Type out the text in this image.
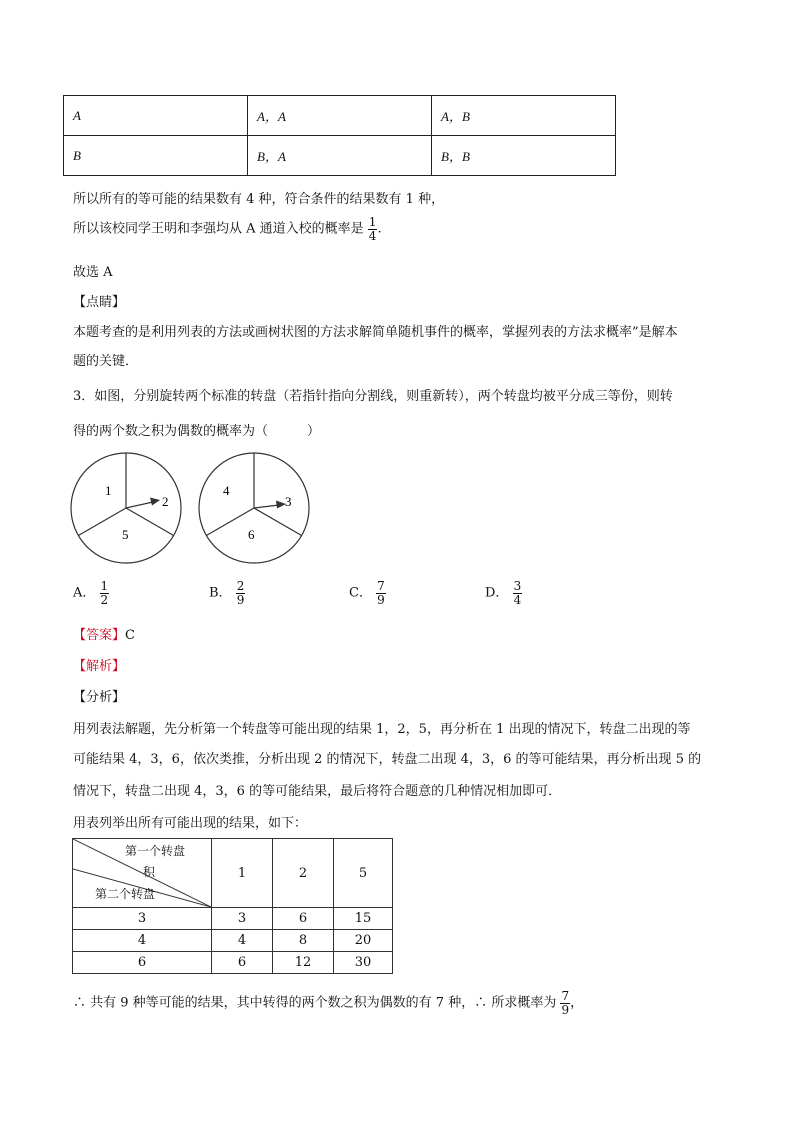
A	A，A	A，B
B	B，A	B，B
所以所有的等可能的结果数有 4 种，符合条件的结果数有 1 种，
所以该校同学王明和李强均从 A 通道入校的概率是 $\frac{1}{4}$ .
故选 A
【点睛】
本题考查的是利用列表的方法或画树状图的方法求解简单随机事件的概率，掌握列表的方法求概率”是解本
题的关键．
3．如图，分别旋转两个标准的转盘（若指针指向分割线，则重新转），两个转盘均被平分成三等份，则转
得的两个数之积为偶数的概率为（　　　）
1
2
5
4
3
6
A． $\frac{1}{2}$	B． $\frac{2}{9}$	C． $\frac{7}{9}$	D． $\frac{3}{4}$
【答案】C
【解析】
【分析】
用列表法解题，先分析第一个转盘等可能出现的结果 1，2，5，再分析在 1 出现的情况下，转盘二出现的等
可能结果 4，3，6，依次类推，分析出现 2 的情况下，转盘二出现 4，3，6 的等可能结果，再分析出现 5 的
情况下，转盘二出现 4，3，6 的等可能结果，最后将符合题意的几种情况相加即可．
用表列举出所有可能出现的结果，如下：
第一个转盘
积
第二个转盘	1	2	5
3	3	6	15
4	4	8	20
6	6	12	30
∴ 共有 9 种等可能的结果，其中转得的两个数之积为偶数的有 7 种，∴ 所求概率为 $\frac{7}{9}$ ，
